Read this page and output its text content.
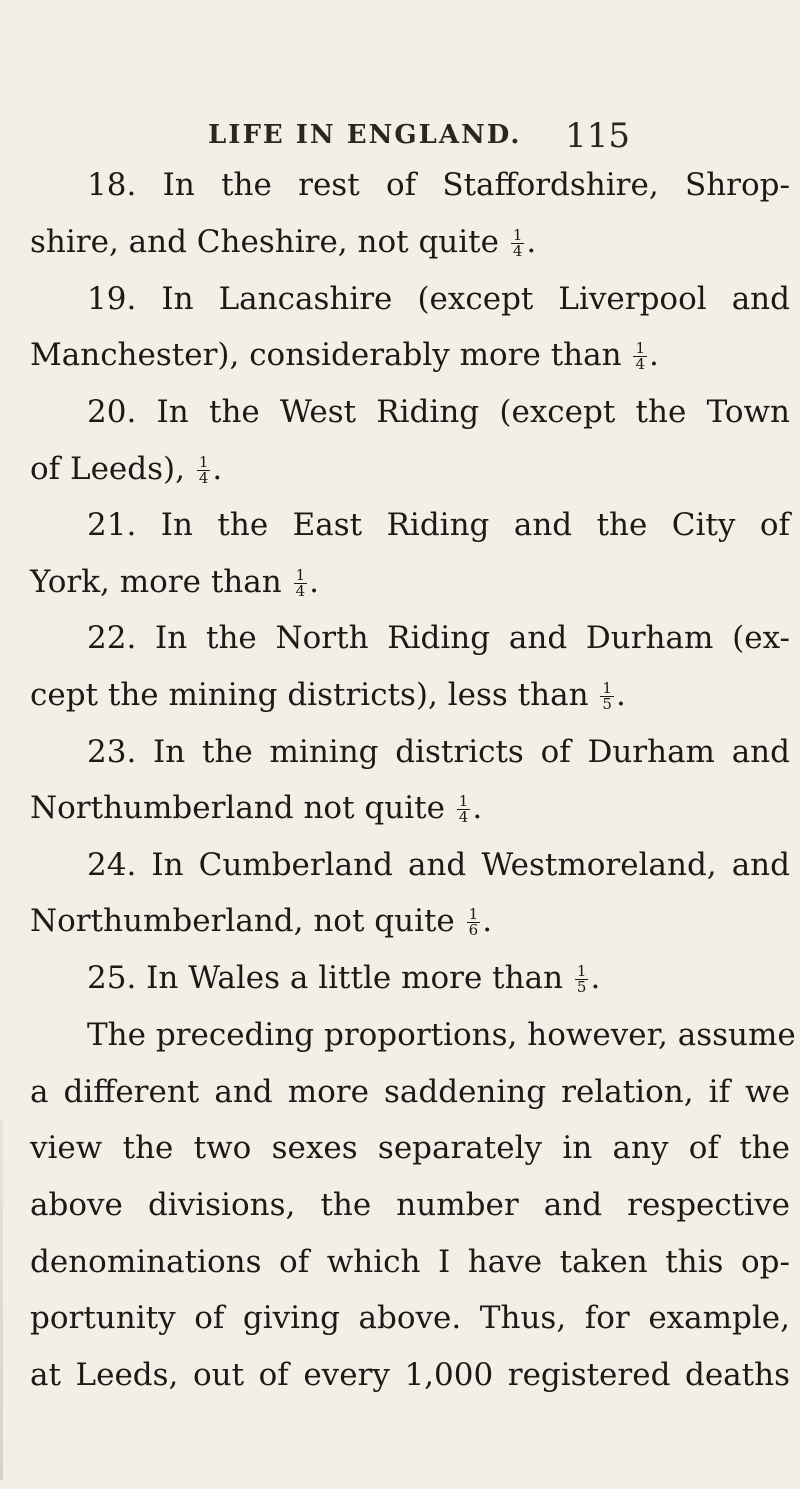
LIFE IN ENGLAND. 115
18. In the rest of Staffordshire, Shrop-
shire, and Cheshire, not quite $\frac{1}{4}$ .
19. In Lancashire (except Liverpool and
Manchester), considerably more than $\frac{1}{4}$ .
20. In the West Riding (except the Town
of Leeds), $\frac{1}{4}$ .
21. In the East Riding and the City of
York, more than $\frac{1}{4}$ .
22. In the North Riding and Durham (ex-
cept the mining districts), less than $\frac{1}{5}$ .
23. In the mining districts of Durham and
Northumberland not quite $\frac{1}{4}$ .
24. In Cumberland and Westmoreland, and
Northumberland, not quite $\frac{1}{6}$ .
25. In Wales a little more than $\frac{1}{5}$ .
The preceding proportions, however, assume
a different and more saddening relation, if we
view the two sexes separately in any of the
above divisions, the number and respective
denominations of which I have taken this op-
portunity of giving above. Thus, for example,
at Leeds, out of every 1,000 registered deaths
